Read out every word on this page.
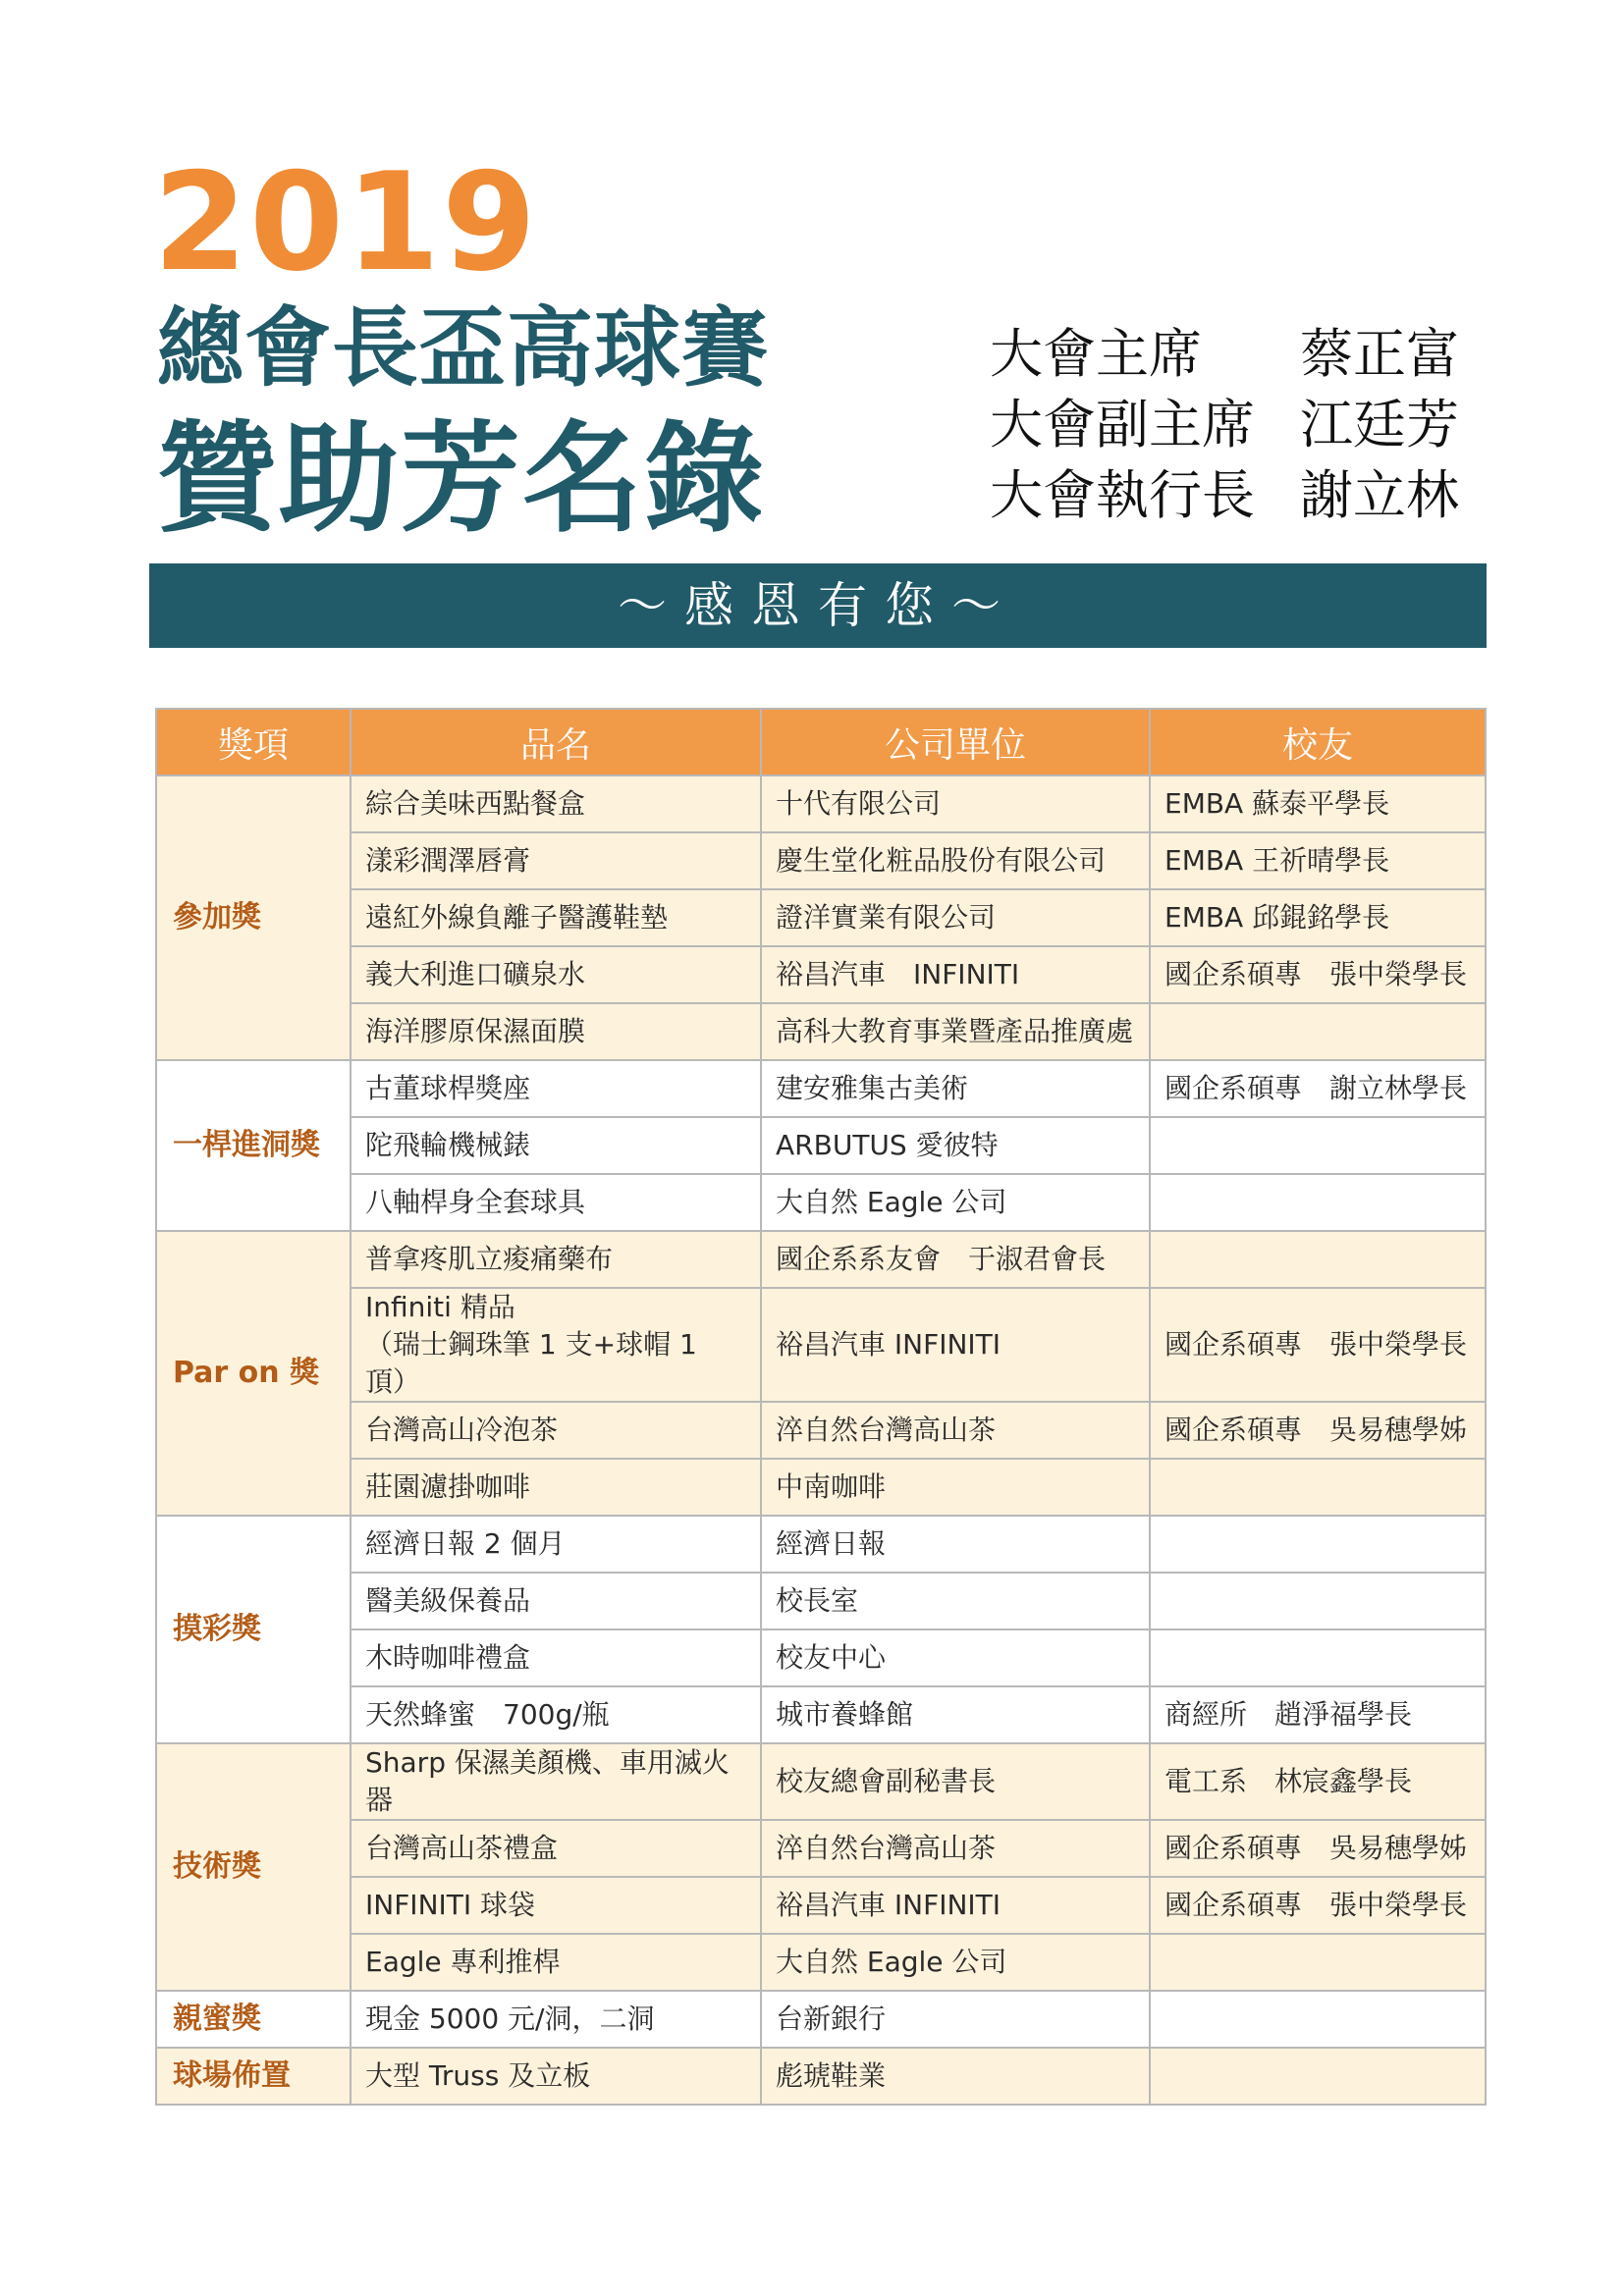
2019
總會長盃高球賽
贊助芳名錄
大會主席	蔡正富
大會副主席 江廷芳
大會執行長 謝立林
～感恩有您～
獎項	品名	公司單位	校友
參加獎	綜合美味西點餐盒	十代有限公司	EMBA 蘇泰平學長
	漾彩潤澤唇膏	慶生堂化粧品股份有限公司	EMBA 王祈晴學長
	遠紅外線負離子醫護鞋墊	證洋實業有限公司	EMBA 邱錕銘學長
	義大利進口礦泉水	裕昌汽車　INFINITI	國企系碩專　張中榮學長
	海洋膠原保濕面膜	高科大教育事業暨產品推廣處	
一桿進洞獎	古董球桿獎座	建安雅集古美術	國企系碩專　謝立林學長
	陀飛輪機械錶	ARBUTUS 愛彼特	
	八軸桿身全套球具	大自然 Eagle 公司	
Par on 獎	普拿疼肌立痠痛藥布	國企系系友會　于淑君會長	

	Infiniti 精品
（瑞士鋼珠筆 1 支+球帽 1 頂）	裕昌汽車 INFINITI	國企系碩專　張中榮學長
	台灣高山冷泡茶	淬自然台灣高山茶	國企系碩專　吳易穗學姊
	莊園濾掛咖啡	中南咖啡	
摸彩獎	經濟日報 2 個月	經濟日報	
	醫美級保養品	校長室	
	木時咖啡禮盒	校友中心	
	天然蜂蜜　700g/瓶	城市養蜂館	商經所　趙淨福學長
技術獎	Sharp 保濕美顏機、車用滅火器	校友總會副秘書長	電工系　林宸鑫學長
	台灣高山茶禮盒	淬自然台灣高山茶	國企系碩專　吳易穗學姊
	INFINITI 球袋	裕昌汽車 INFINITI	國企系碩專　張中榮學長
	Eagle 專利推桿	大自然 Eagle 公司	
親蜜獎	現金 5000 元/洞，二洞	台新銀行	
球場佈置	大型 Truss 及立板	彪琥鞋業	
